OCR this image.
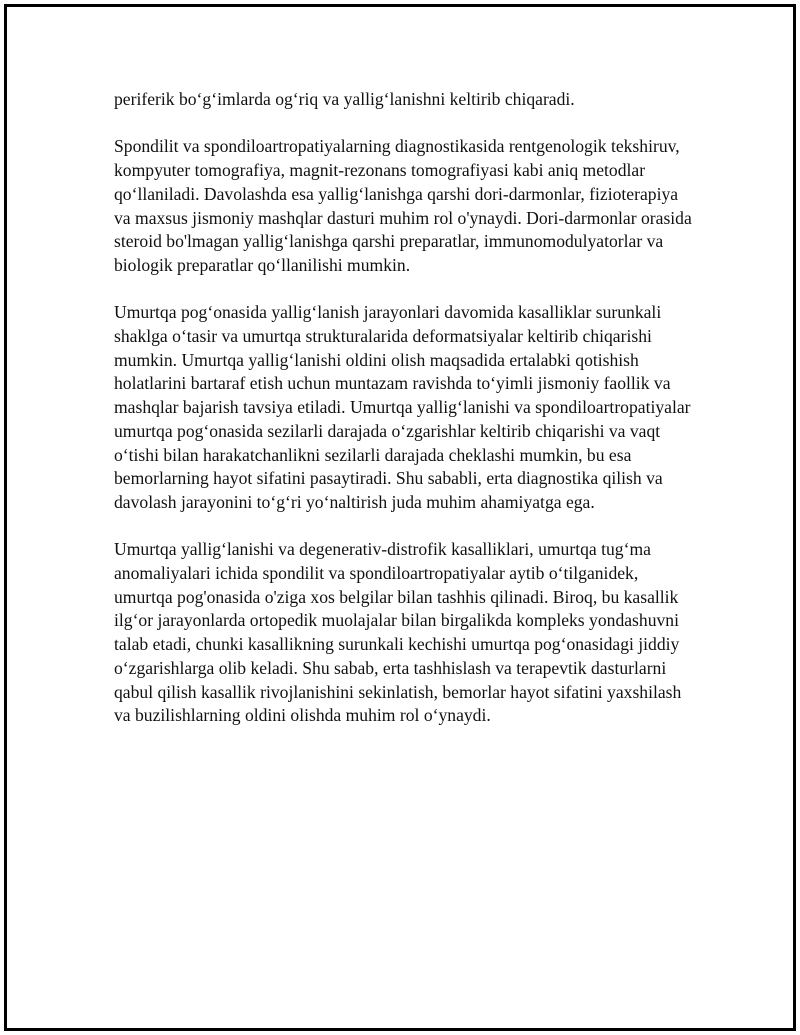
periferik bo‘g‘imlarda og‘riq va yallig‘lanishni keltirib chiqaradi.

Spondilit va spondiloartropatiyalarning diagnostikasida rentgenologik tekshiruv, kompyuter tomografiya, magnit-rezonans tomografiyasi kabi aniq metodlar qo‘llaniladi. Davolashda esa yallig‘lanishga qarshi dori-darmonlar, fizioterapiya va maxsus jismoniy mashqlar dasturi muhim rol o'ynaydi. Dori-darmonlar orasida steroid bo'lmagan yallig‘lanishga qarshi preparatlar, immunomodulyatorlar va biologik preparatlar qo‘llanilishi mumkin.

Umurtqa pog‘onasida yallig‘lanish jarayonlari davomida kasalliklar surunkali shaklga o‘tasir va umurtqa strukturalarida deformatsiyalar keltirib chiqarishi mumkin. Umurtqa yallig‘lanishi oldini olish maqsadida ertalabki qotishish holatlarini bartaraf etish uchun muntazam ravishda to‘yimli jismoniy faollik va mashqlar bajarish tavsiya etiladi. Umurtqa yallig‘lanishi va spondiloartropatiyalar umurtqa pog‘onasida sezilarli darajada o‘zgarishlar keltirib chiqarishi va vaqt o‘tishi bilan harakatchanlikni sezilarli darajada cheklashi mumkin, bu esa bemorlarning hayot sifatini pasaytiradi. Shu sababli, erta diagnostika qilish va davolash jarayonini to‘g‘ri yo‘naltirish juda muhim ahamiyatga ega.

Umurtqa yallig‘lanishi va degenerativ-distrofik kasalliklari, umurtqa tug‘ma anomaliyalari ichida spondilit va spondiloartropatiyalar aytib o‘tilganidek, umurtqa pog'onasida o'ziga xos belgilar bilan tashhis qilinadi. Biroq, bu kasallik ilg‘or jarayonlarda ortopedik muolajalar bilan birgalikda kompleks yondashuvni talab etadi, chunki kasallikning surunkali kechishi umurtqa pog‘onasidagi jiddiy o‘zgarishlarga olib keladi. Shu sabab, erta tashhislash va terapevtik dasturlarni qabul qilish kasallik rivojlanishini sekinlatish, bemorlar hayot sifatini yaxshilash va buzilishlarning oldini olishda muhim rol o‘ynaydi.
